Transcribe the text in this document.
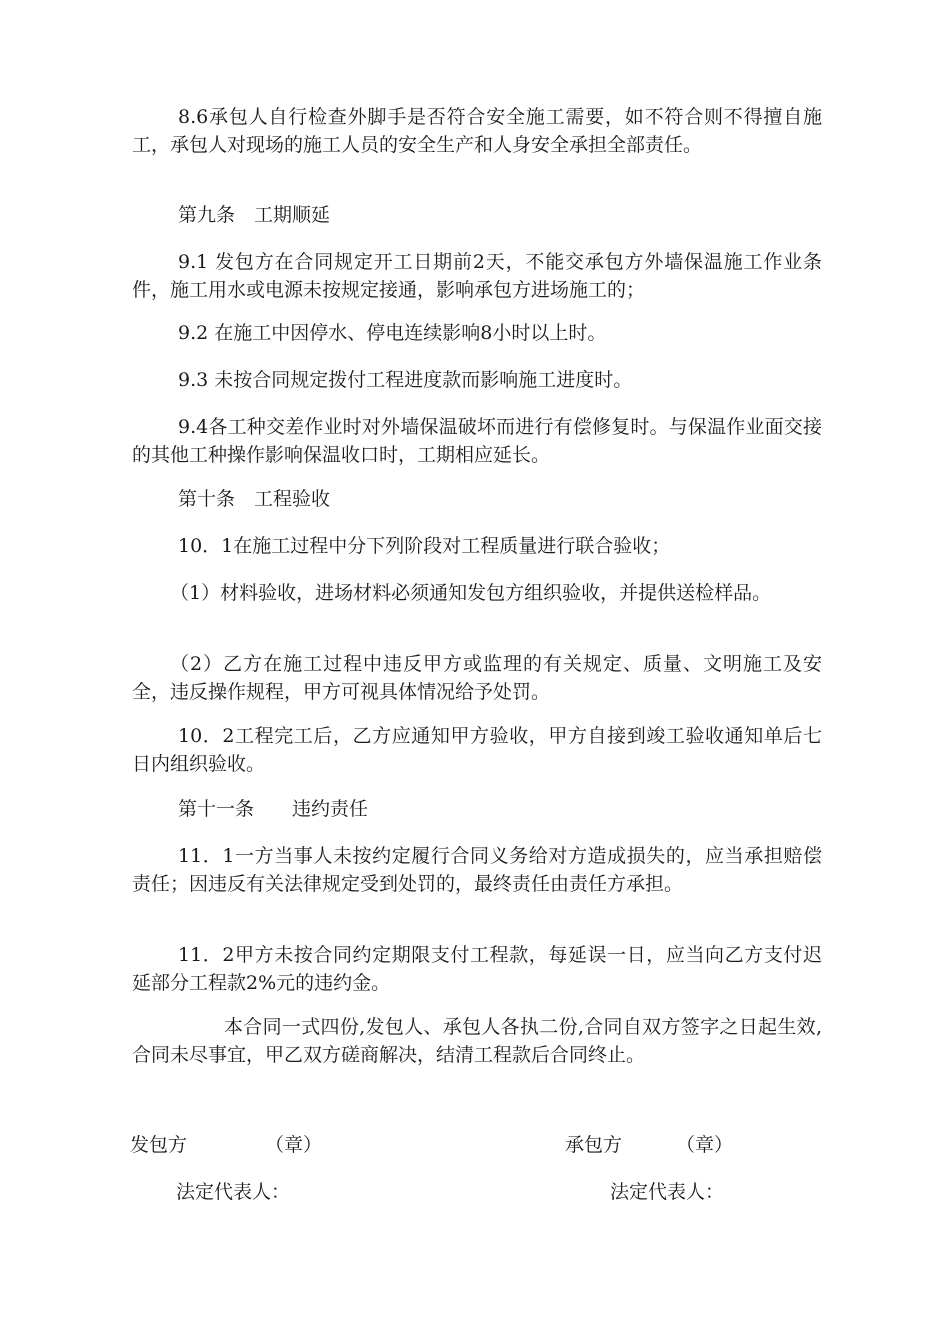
8.6承包人自行检查外脚手是否符合安全施工需要，如不符合则不得擅自施工，承包人对现场的施工人员的安全生产和人身安全承担全部责任。

第九条　工期顺延

9.1 发包方在合同规定开工日期前2天，不能交承包方外墙保温施工作业条件，施工用水或电源未按规定接通，影响承包方进场施工的；

9.2 在施工中因停水、停电连续影响8小时以上时。

9.3 未按合同规定拨付工程进度款而影响施工进度时。

9.4各工种交差作业时对外墙保温破坏而进行有偿修复时。与保温作业面交接的其他工种操作影响保温收口时，工期相应延长。

第十条　工程验收

10．1在施工过程中分下列阶段对工程质量进行联合验收；

（1）材料验收，进场材料必须通知发包方组织验收，并提供送检样品。

（2）乙方在施工过程中违反甲方或监理的有关规定、质量、文明施工及安全，违反操作规程，甲方可视具体情况给予处罚。

10．2工程完工后，乙方应通知甲方验收，甲方自接到竣工验收通知单后七日内组织验收。

第十一条　　违约责任

11．1一方当事人未按约定履行合同义务给对方造成损失的，应当承担赔偿责任；因违反有关法律规定受到处罚的，最终责任由责任方承担。

11．2甲方未按合同约定期限支付工程款，每延误一日，应当向乙方支付迟延部分工程款2%元的违约金。

本合同一式四份,发包人、承包人各执二份,合同自双方签字之日起生效,合同未尽事宜，甲乙双方磋商解决，结清工程款后合同终止。

发包方	（章）	承包方	（章）
法定代表人：	法定代表人：
